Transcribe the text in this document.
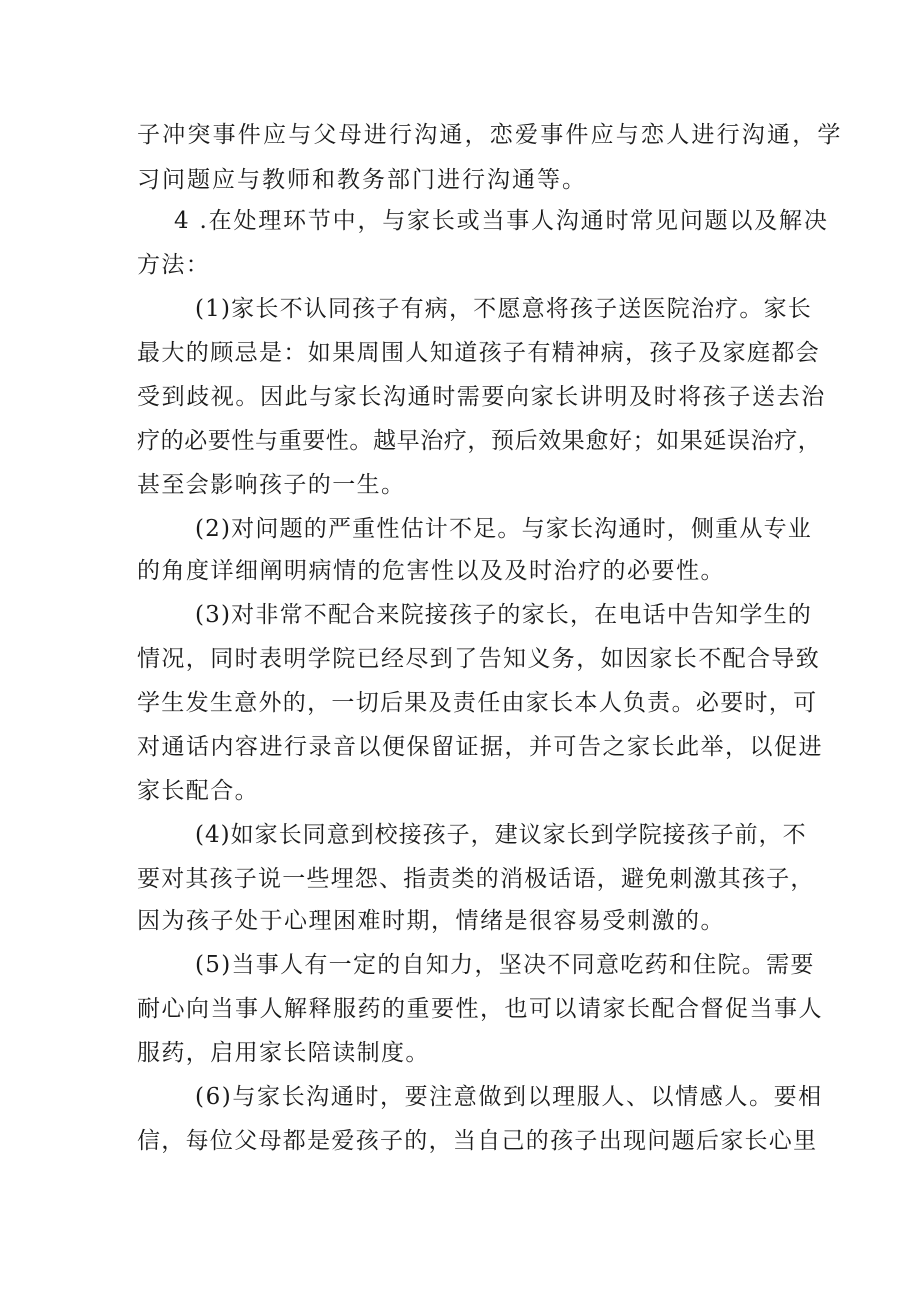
子冲突事件应与父母进行沟通，恋爱事件应与恋人进行沟通，学
习问题应与教师和教务部门进行沟通等。
4 .在处理环节中，与家长或当事人沟通时常见问题以及解决
方法：
(1)家长不认同孩子有病，不愿意将孩子送医院治疗。家长
最大的顾忌是：如果周围人知道孩子有精神病，孩子及家庭都会
受到歧视。因此与家长沟通时需要向家长讲明及时将孩子送去治
疗的必要性与重要性。越早治疗，预后效果愈好；如果延误治疗，
甚至会影响孩子的一生。
(2)对问题的严重性估计不足。与家长沟通时，侧重从专业
的角度详细阐明病情的危害性以及及时治疗的必要性。
(3)对非常不配合来院接孩子的家长，在电话中告知学生的
情况，同时表明学院已经尽到了告知义务，如因家长不配合导致
学生发生意外的，一切后果及责任由家长本人负责。必要时，可
对通话内容进行录音以便保留证据，并可告之家长此举，以促进
家长配合。
(4)如家长同意到校接孩子，建议家长到学院接孩子前，不
要对其孩子说一些埋怨、指责类的消极话语，避免刺激其孩子，
因为孩子处于心理困难时期，情绪是很容易受刺激的。
(5)当事人有一定的自知力，坚决不同意吃药和住院。需要
耐心向当事人解释服药的重要性，也可以请家长配合督促当事人
服药，启用家长陪读制度。
(6)与家长沟通时，要注意做到以理服人、以情感人。要相
信，每位父母都是爱孩子的，当自己的孩子出现问题后家长心里
